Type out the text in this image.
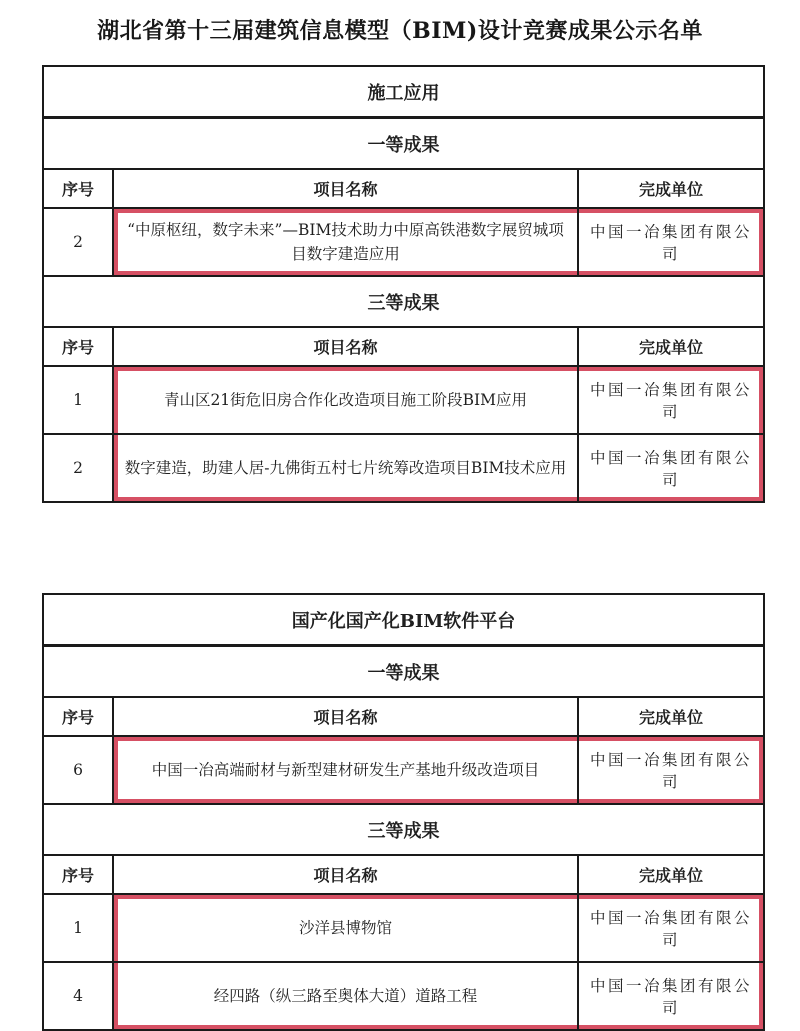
湖北省第十三届建筑信息模型（BIM)设计竞赛成果公示名单
施工应用		
一等成果		
序号	项目名称	完成单位
2	“中原枢纽，数字未来”—BIM技术助力中原高铁港数字展贸城项目数字建造应用	中国一冶集团有限公司
三等成果		
序号	项目名称	完成单位
1	青山区21街危旧房合作化改造项目施工阶段BIM应用	中国一冶集团有限公司
2	数字建造，助建人居-九佛街五村七片统筹改造项目BIM技术应用	中国一冶集团有限公司
国产化国产化BIM软件平台		
一等成果		
序号	项目名称	完成单位
6	中国一冶高端耐材与新型建材研发生产基地升级改造项目	中国一冶集团有限公司
三等成果		
序号	项目名称	完成单位
1	沙洋县博物馆	中国一冶集团有限公司
4	经四路（纵三路至奥体大道）道路工程	中国一冶集团有限公司
